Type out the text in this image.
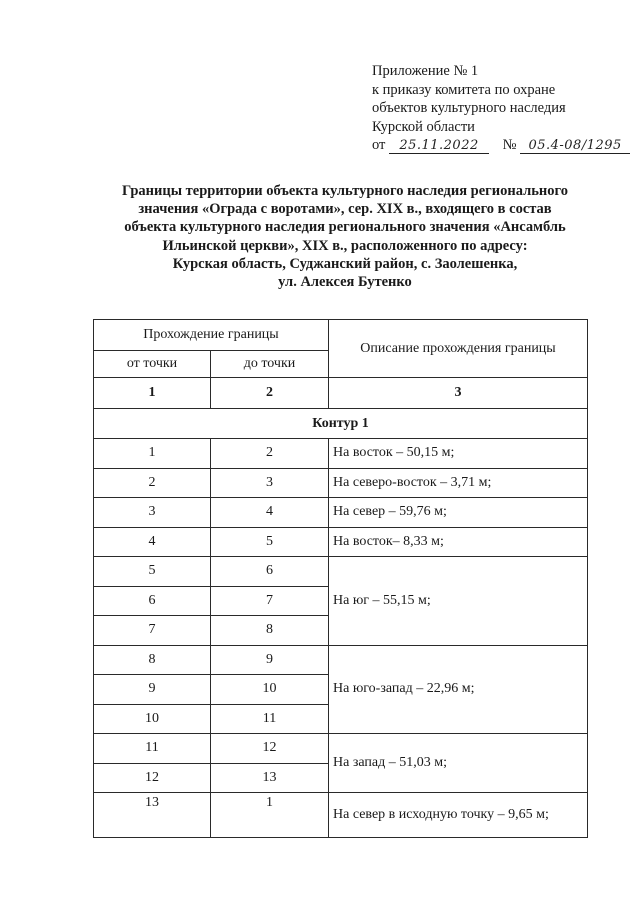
Приложение № 1
к приказу комитета по охране
объектов культурного наследия
Курской области
от 25.11.2022 № 05.4-08/1295
Границы территории объекта культурного наследия регионального
значения «Ограда с воротами», сер. XIX в., входящего в состав
объекта культурного наследия регионального значения «Ансамбль
Ильинской церкви», XIX в., расположенного по адресу:
Курская область, Суджанский район, с. Заолешенка,
ул. Алексея Бутенко
Прохождение границы		Описание прохождения границы
от точки	до точки	
1	2	3
Контур 1		
1	2	На восток – 50,15 м;
2	3	На северо-восток – 3,71 м;
3	4	На север – 59,76 м;
4	5	На восток– 8,33 м;
5	6	На юг – 55,15 м;
6	7	
7	8	
8	9	На юго-запад – 22,96 м;
9	10	
10	11	
11	12	На запад – 51,03 м;
12	13	
13	1	На север в исходную точку – 9,65 м;
